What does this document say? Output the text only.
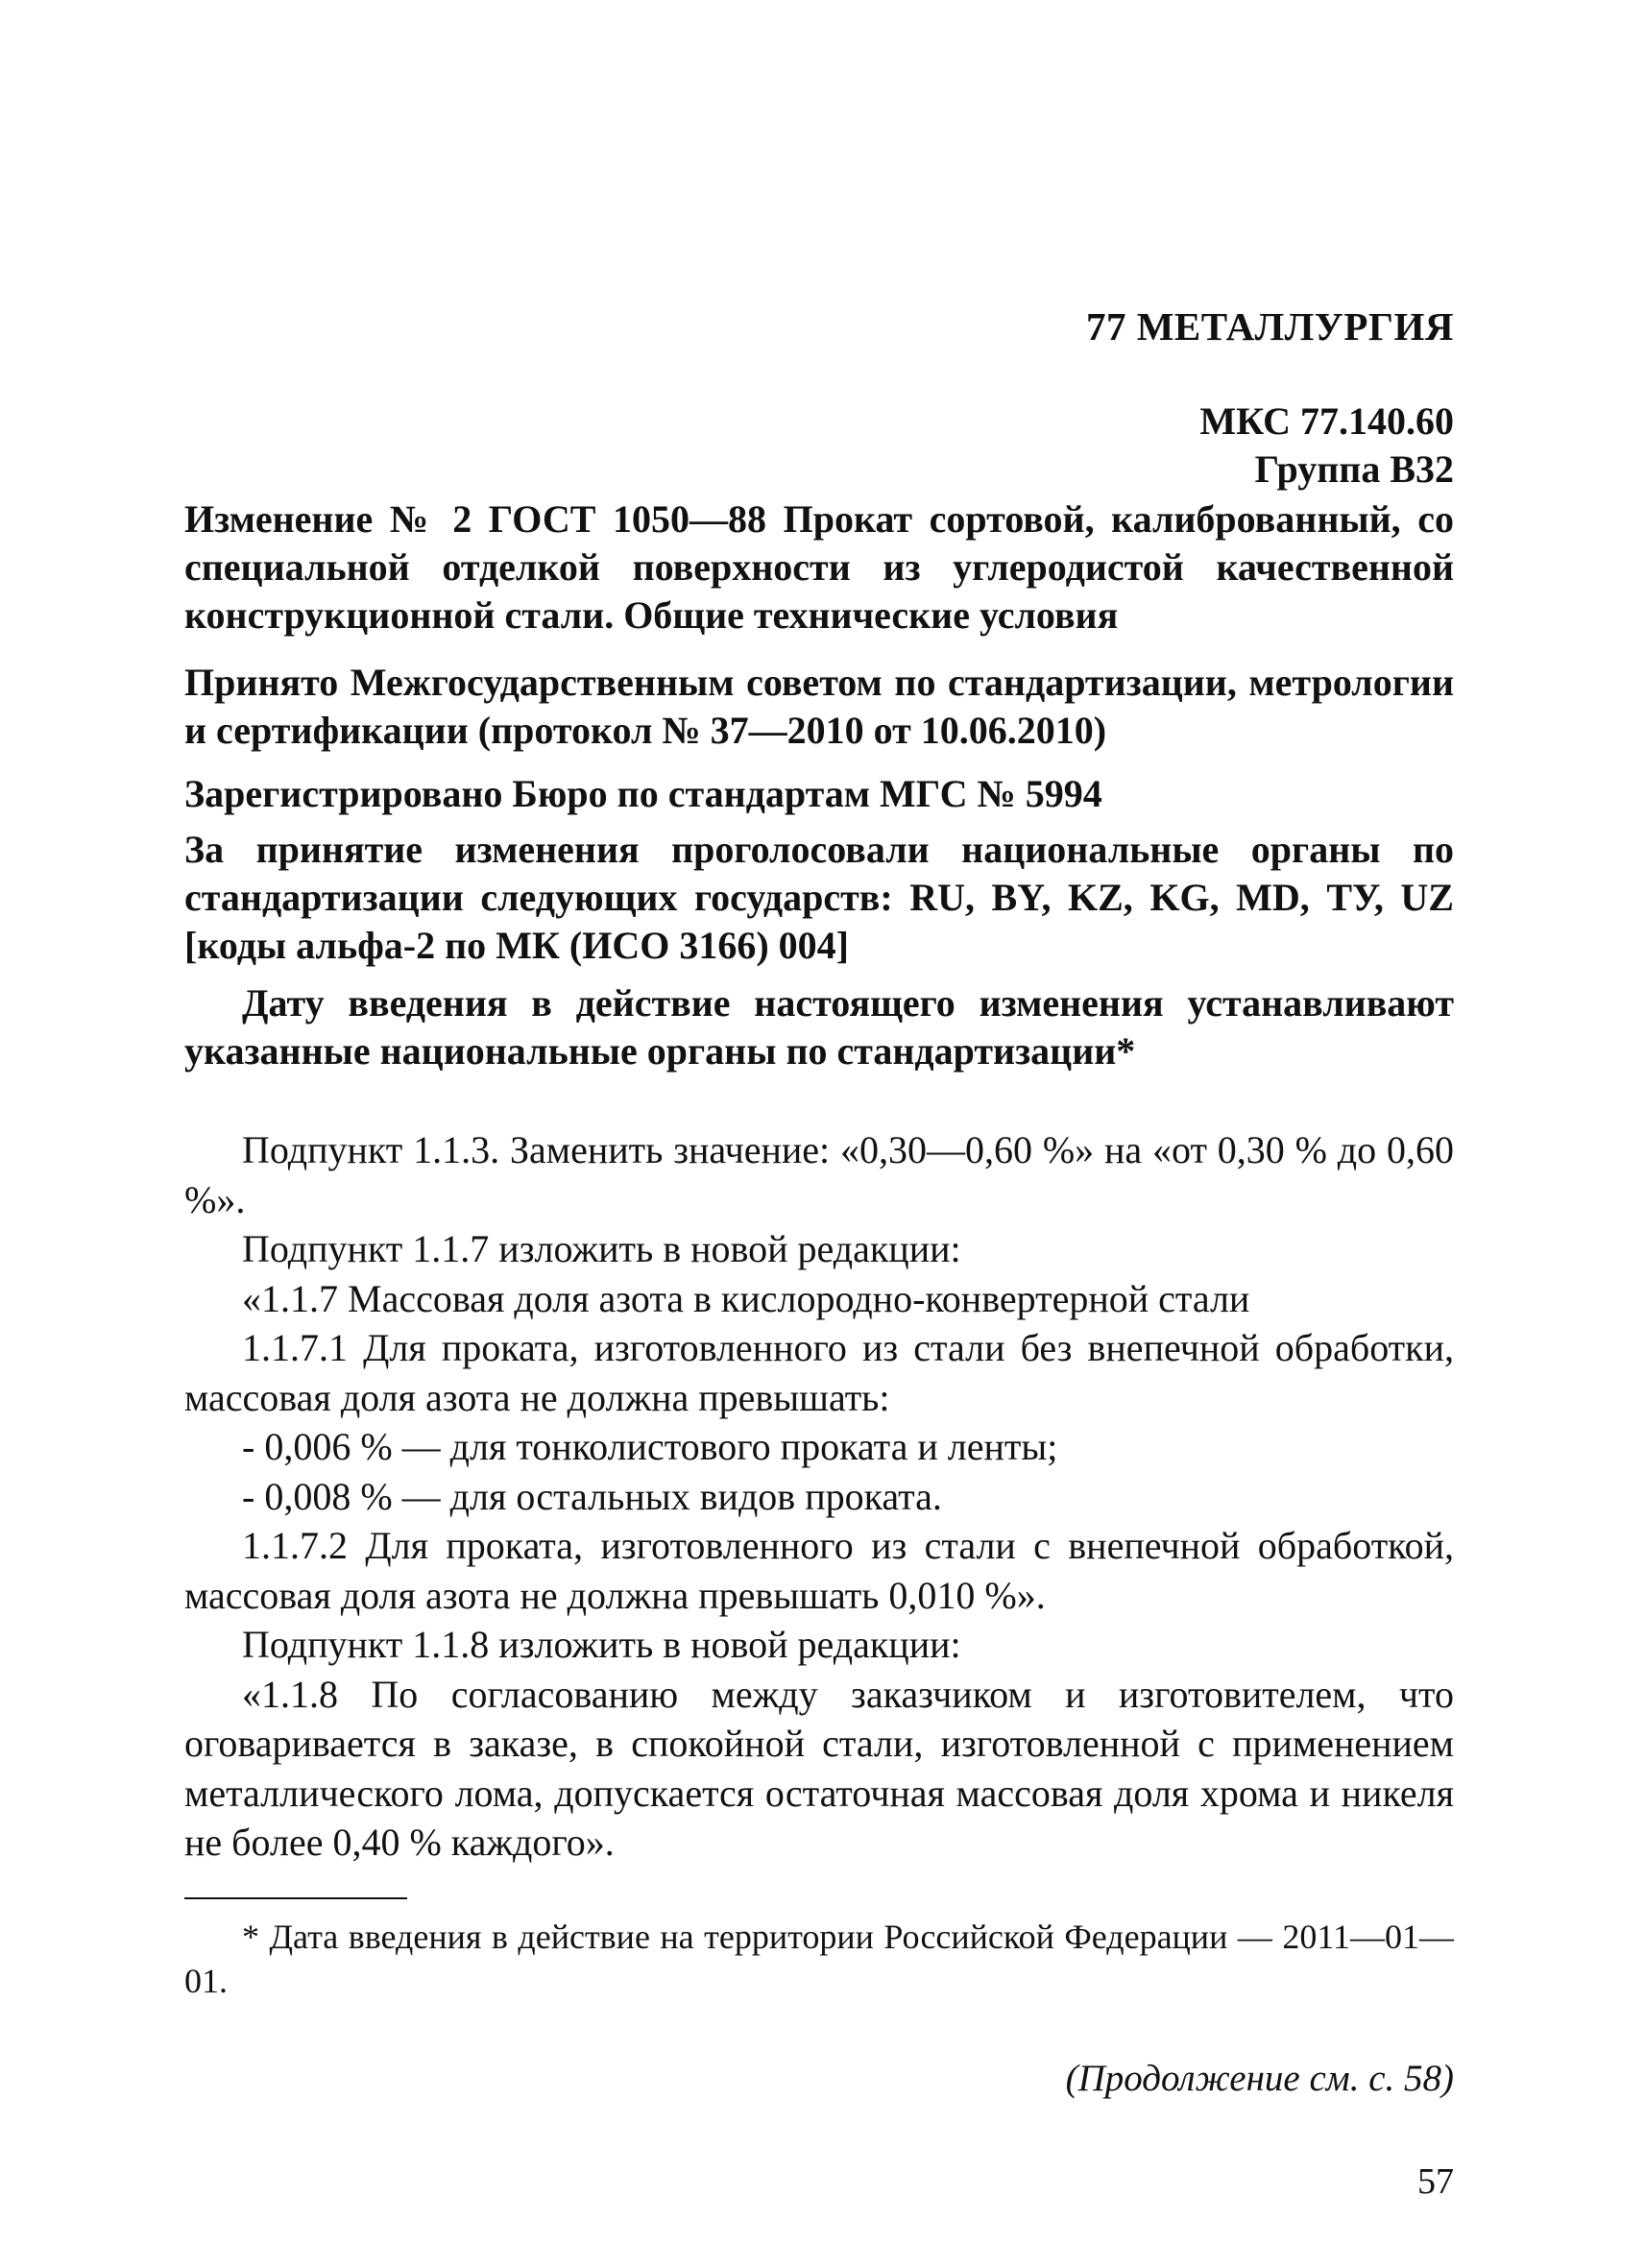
77 МЕТАЛЛУРГИЯ
МКС 77.140.60
Группа В32
Изменение № 2 ГОСТ 1050—88 Прокат сортовой, калиброванный, со специальной отделкой поверхности из углеродистой качественной конструкционной стали. Общие технические условия
Принято Межгосударственным советом по стандартизации, метрологии и сертификации (протокол № 37—2010 от 10.06.2010)
Зарегистрировано Бюро по стандартам МГС № 5994
За принятие изменения проголосовали национальные органы по стандартизации следующих государств: RU, BY, KZ, KG, MD, ТУ, UZ [коды альфа-2 по МК (ИСО 3166) 004]
Дату введения в действие настоящего изменения устанавливают указанные национальные органы по стандартизации*

Подпункт 1.1.3. Заменить значение: «0,30—0,60 %» на «от 0,30 % до 0,60 %».

Подпункт 1.1.7 изложить в новой редакции:

«1.1.7 Массовая доля азота в кислородно-конвертерной стали

1.1.7.1 Для проката, изготовленного из стали без внепечной обработки, массовая доля азота не должна превышать:

- 0,006 % — для тонколистового проката и ленты;

- 0,008 % — для остальных видов проката.

1.1.7.2 Для проката, изготовленного из стали с внепечной обработкой, массовая доля азота не должна превышать 0,010 %».

Подпункт 1.1.8 изложить в новой редакции:

«1.1.8 По согласованию между заказчиком и изготовителем, что оговаривается в заказе, в спокойной стали, изготовленной с применением металлического лома, допускается остаточная массовая доля хрома и никеля не более 0,40 % каждого».

* Дата введения в действие на территории Российской Федерации — 2011—01—01.
(Продолжение см. с. 58)
57
